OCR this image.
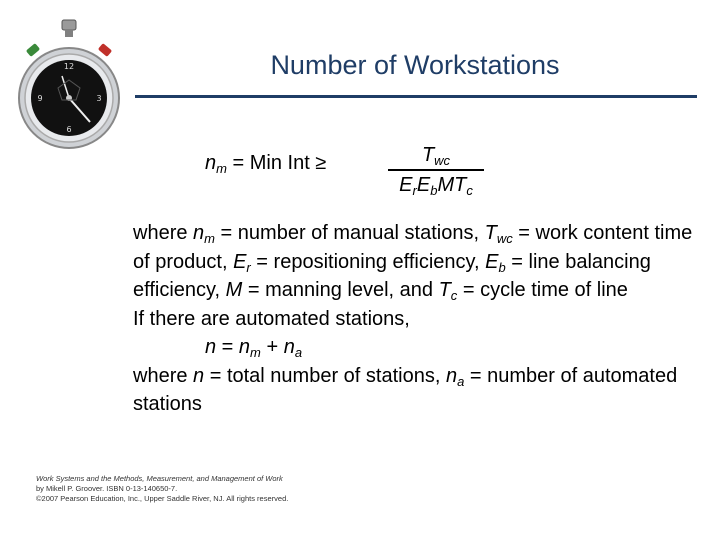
12
3
6
9
Number of Workstations
$n_m$ = Min Int ≥	$T_{wc}$
$E_rE_bMT_c$

where $n_m$ = number of manual stations, $T_{wc}$ = work content time of product, $E_r$ = repositioning efficiency, $E_b$ = line balancing efficiency, M = manning level, and $T_c$ = cycle time of line

If there are automated stations,

$n = n_m + n_a$

where n = total number of stations, $n_a$ = number of automated stations

Work Systems and the Methods, Measurement, and Management of Work
by Mikell P. Groover. ISBN 0-13-140650-7.
©2007 Pearson Education, Inc., Upper Saddle River, NJ. All rights reserved.
